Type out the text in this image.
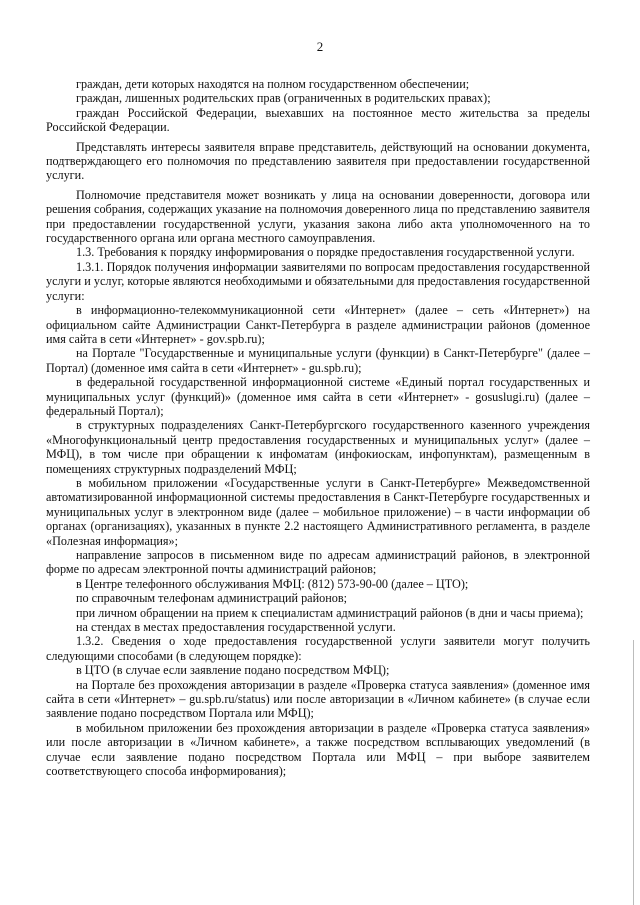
2

граждан, дети которых находятся на полном государственном обеспечении;

граждан, лишенных родительских прав (ограниченных в родительских правах);

граждан Российской Федерации, выехавших на постоянное место жительства за пределы Российской Федерации.

Представлять интересы заявителя вправе представитель, действующий на основании документа, подтверждающего его полномочия по представлению заявителя при предоставлении государственной услуги.

Полномочие представителя может возникать у лица на основании доверенности, договора или решения собрания, содержащих указание на полномочия доверенного лица по представлению заявителя при предоставлении государственной услуги, указания закона либо акта уполномоченного на то государственного органа или органа местного самоуправления.

1.3. Требования к порядку информирования о порядке предоставления государственной услуги.

1.3.1. Порядок получения информации заявителями по вопросам предоставления государственной услуги и услуг, которые являются необходимыми и обязательными для предоставления государственной услуги:

в информационно-телекоммуникационной сети «Интернет» (далее – сеть «Интернет») на официальном сайте Администрации Санкт-Петербурга в разделе администрации районов (доменное имя сайта в сети «Интернет» - gov.spb.ru);

на Портале "Государственные и муниципальные услуги (функции) в Санкт-Петербурге" (далее – Портал) (доменное имя сайта в сети «Интернет» - gu.spb.ru);

в федеральной государственной информационной системе «Единый портал государственных и муниципальных услуг (функций)» (доменное имя сайта в сети «Интернет» - gosuslugi.ru) (далее – федеральный Портал);

в структурных подразделениях Санкт-Петербургского государственного казенного учреждения «Многофункциональный центр предоставления государственных и муниципальных услуг» (далее – МФЦ), в том числе при обращении к инфоматам (инфокиоскам, инфопунктам), размещенным в помещениях структурных подразделений МФЦ;

в мобильном приложении «Государственные услуги в Санкт-Петербурге» Межведомственной автоматизированной информационной системы предоставления в Санкт-Петербурге государственных и муниципальных услуг в электронном виде (далее – мобильное приложение) – в части информации об органах (организациях), указанных в пункте 2.2 настоящего Административного регламента, в разделе «Полезная информация»;

направление запросов в письменном виде по адресам администраций районов, в электронной форме по адресам электронной почты администраций районов;

в Центре телефонного обслуживания МФЦ: (812) 573-90-00 (далее – ЦТО);

по справочным телефонам администраций районов;

при личном обращении на прием к специалистам администраций районов (в дни и часы приема);

на стендах в местах предоставления государственной услуги.

1.3.2. Сведения о ходе предоставления государственной услуги заявители могут получить следующими способами (в следующем порядке):

в ЦТО (в случае если заявление подано посредством МФЦ);

на Портале без прохождения авторизации в разделе «Проверка статуса заявления» (доменное имя сайта в сети «Интернет» – gu.spb.ru/status) или после авторизации в «Личном кабинете» (в случае если заявление подано посредством Портала или МФЦ);

в мобильном приложении без прохождения авторизации в разделе «Проверка статуса заявления» или после авторизации в «Личном кабинете», а также посредством всплывающих уведомлений (в случае если заявление подано посредством Портала или МФЦ – при выборе заявителем соответствующего способа информирования);
